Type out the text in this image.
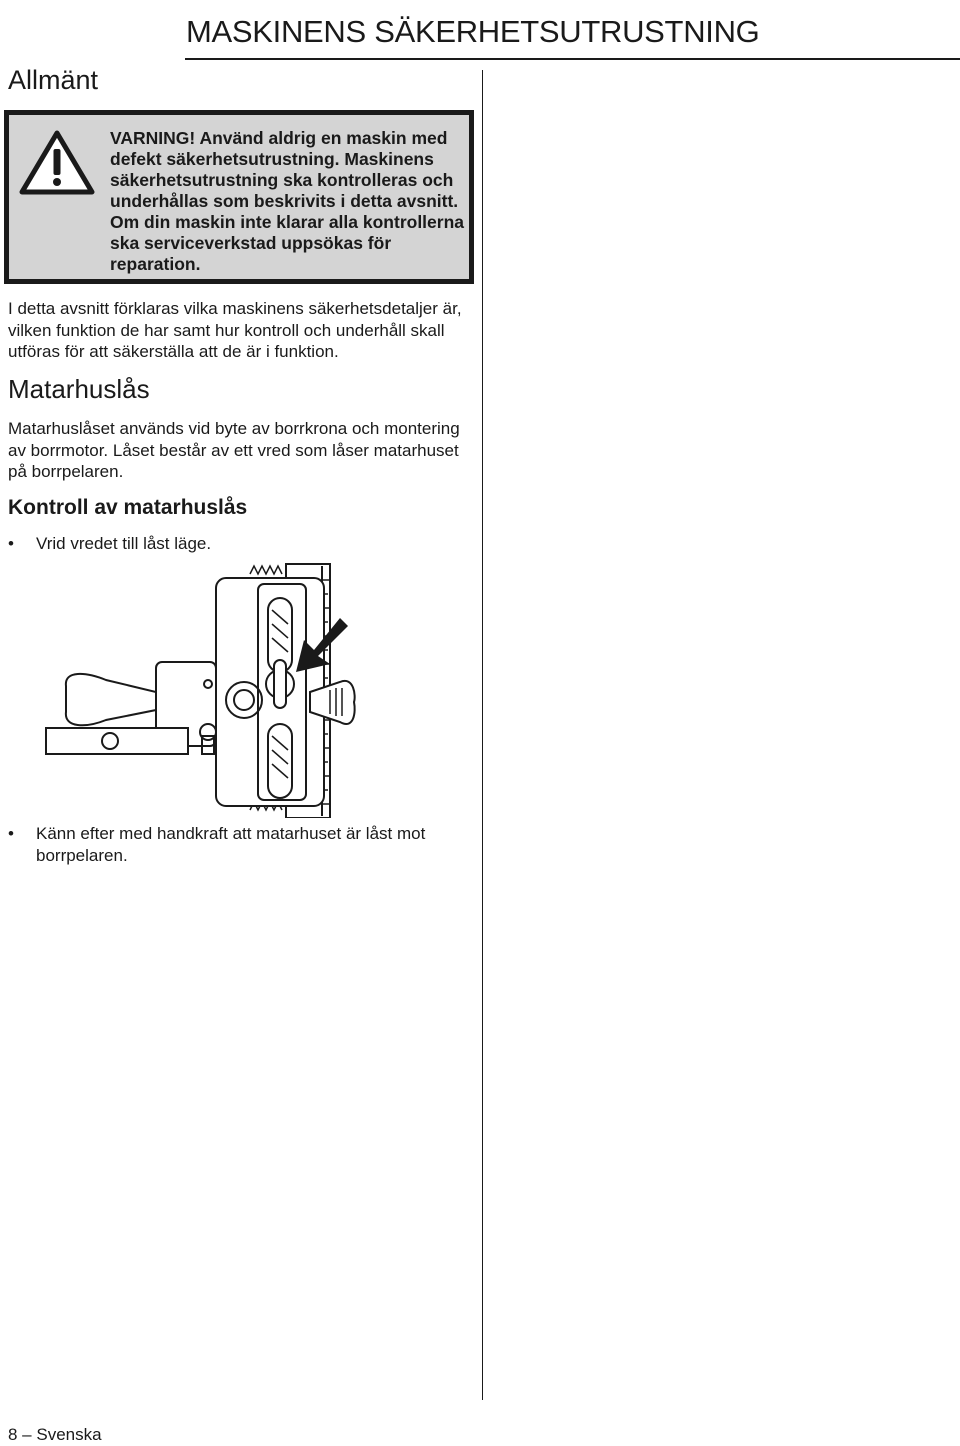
MASKINENS SÄKERHETSUTRUSTNING
Allmänt
VARNING! Använd aldrig en maskin med defekt säkerhetsutrustning. Maskinens säkerhetsutrustning ska kontrolleras och underhållas som beskrivits i detta avsnitt. Om din maskin inte klarar alla kontrollerna ska serviceverkstad uppsökas för reparation.
I detta avsnitt förklaras vilka maskinens säkerhetsdetaljer är, vilken funktion de har samt hur kontroll och underhåll skall utföras för att säkerställa att de är i funktion.
Matarhuslås
Matarhuslåset används vid byte av borrkrona och montering av borrmotor. Låset består av ett vred som låser matarhuset på borrpelaren.
Kontroll av matarhuslås
• Vrid vredet till låst läge.
• Känn efter med handkraft att matarhuset är låst mot borrpelaren.
8 – Svenska
